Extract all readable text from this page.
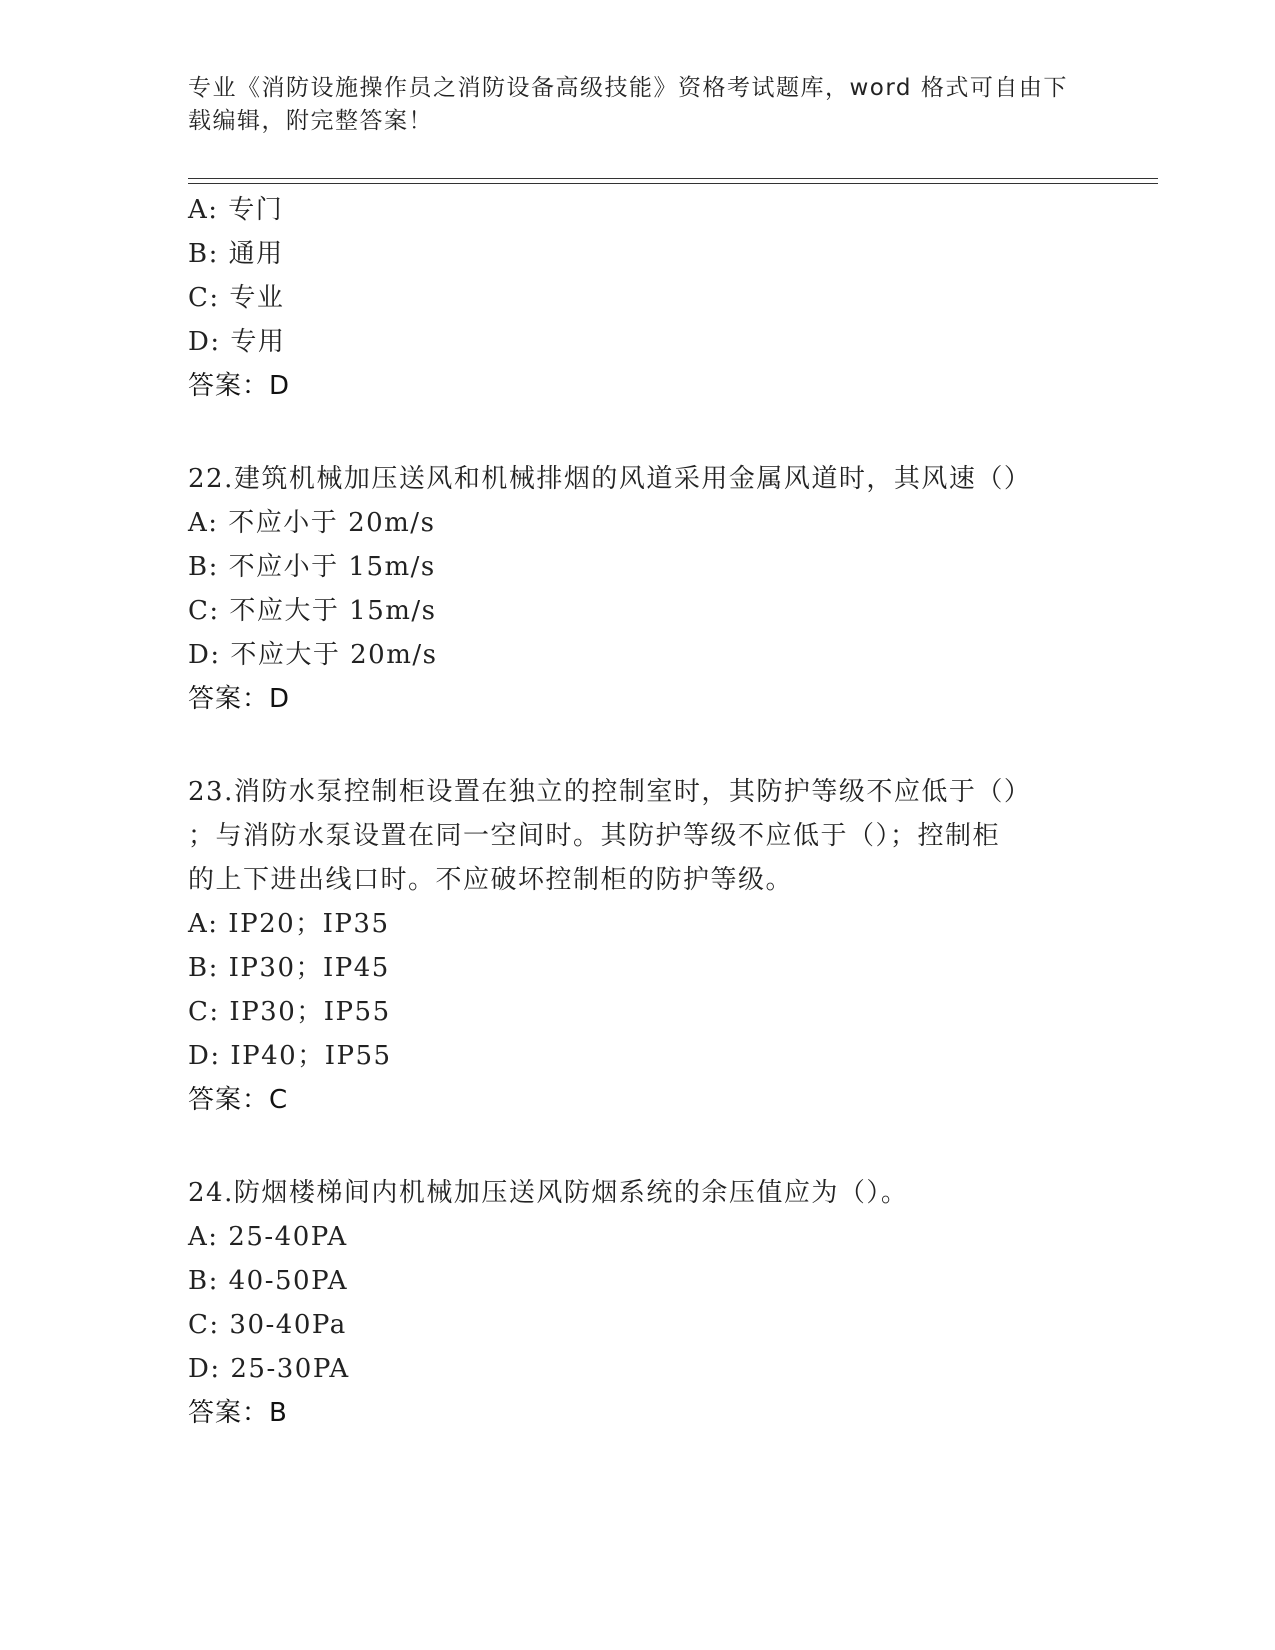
专业《消防设施操作员之消防设备高级技能》资格考试题库，word 格式可自由下
载编辑，附完整答案！
A: 专门
B: 通用
C: 专业
D: 专用
答案：D
22.建筑机械加压送风和机械排烟的风道采用金属风道时，其风速（）
A: 不应小于 20m/s
B: 不应小于 15m/s
C: 不应大于 15m/s
D: 不应大于 20m/s
答案：D
23.消防水泵控制柜设置在独立的控制室时，其防护等级不应低于（）
；与消防水泵设置在同一空间时。其防护等级不应低于（）；控制柜
的上下进出线口时。不应破坏控制柜的防护等级。
A: IP20；IP35
B: IP30；IP45
C: IP30；IP55
D: IP40；IP55
答案：C
24.防烟楼梯间内机械加压送风防烟系统的余压值应为（）。
A: 25-40PA
B: 40-50PA
C: 30-40Pa
D: 25-30PA
答案：B
